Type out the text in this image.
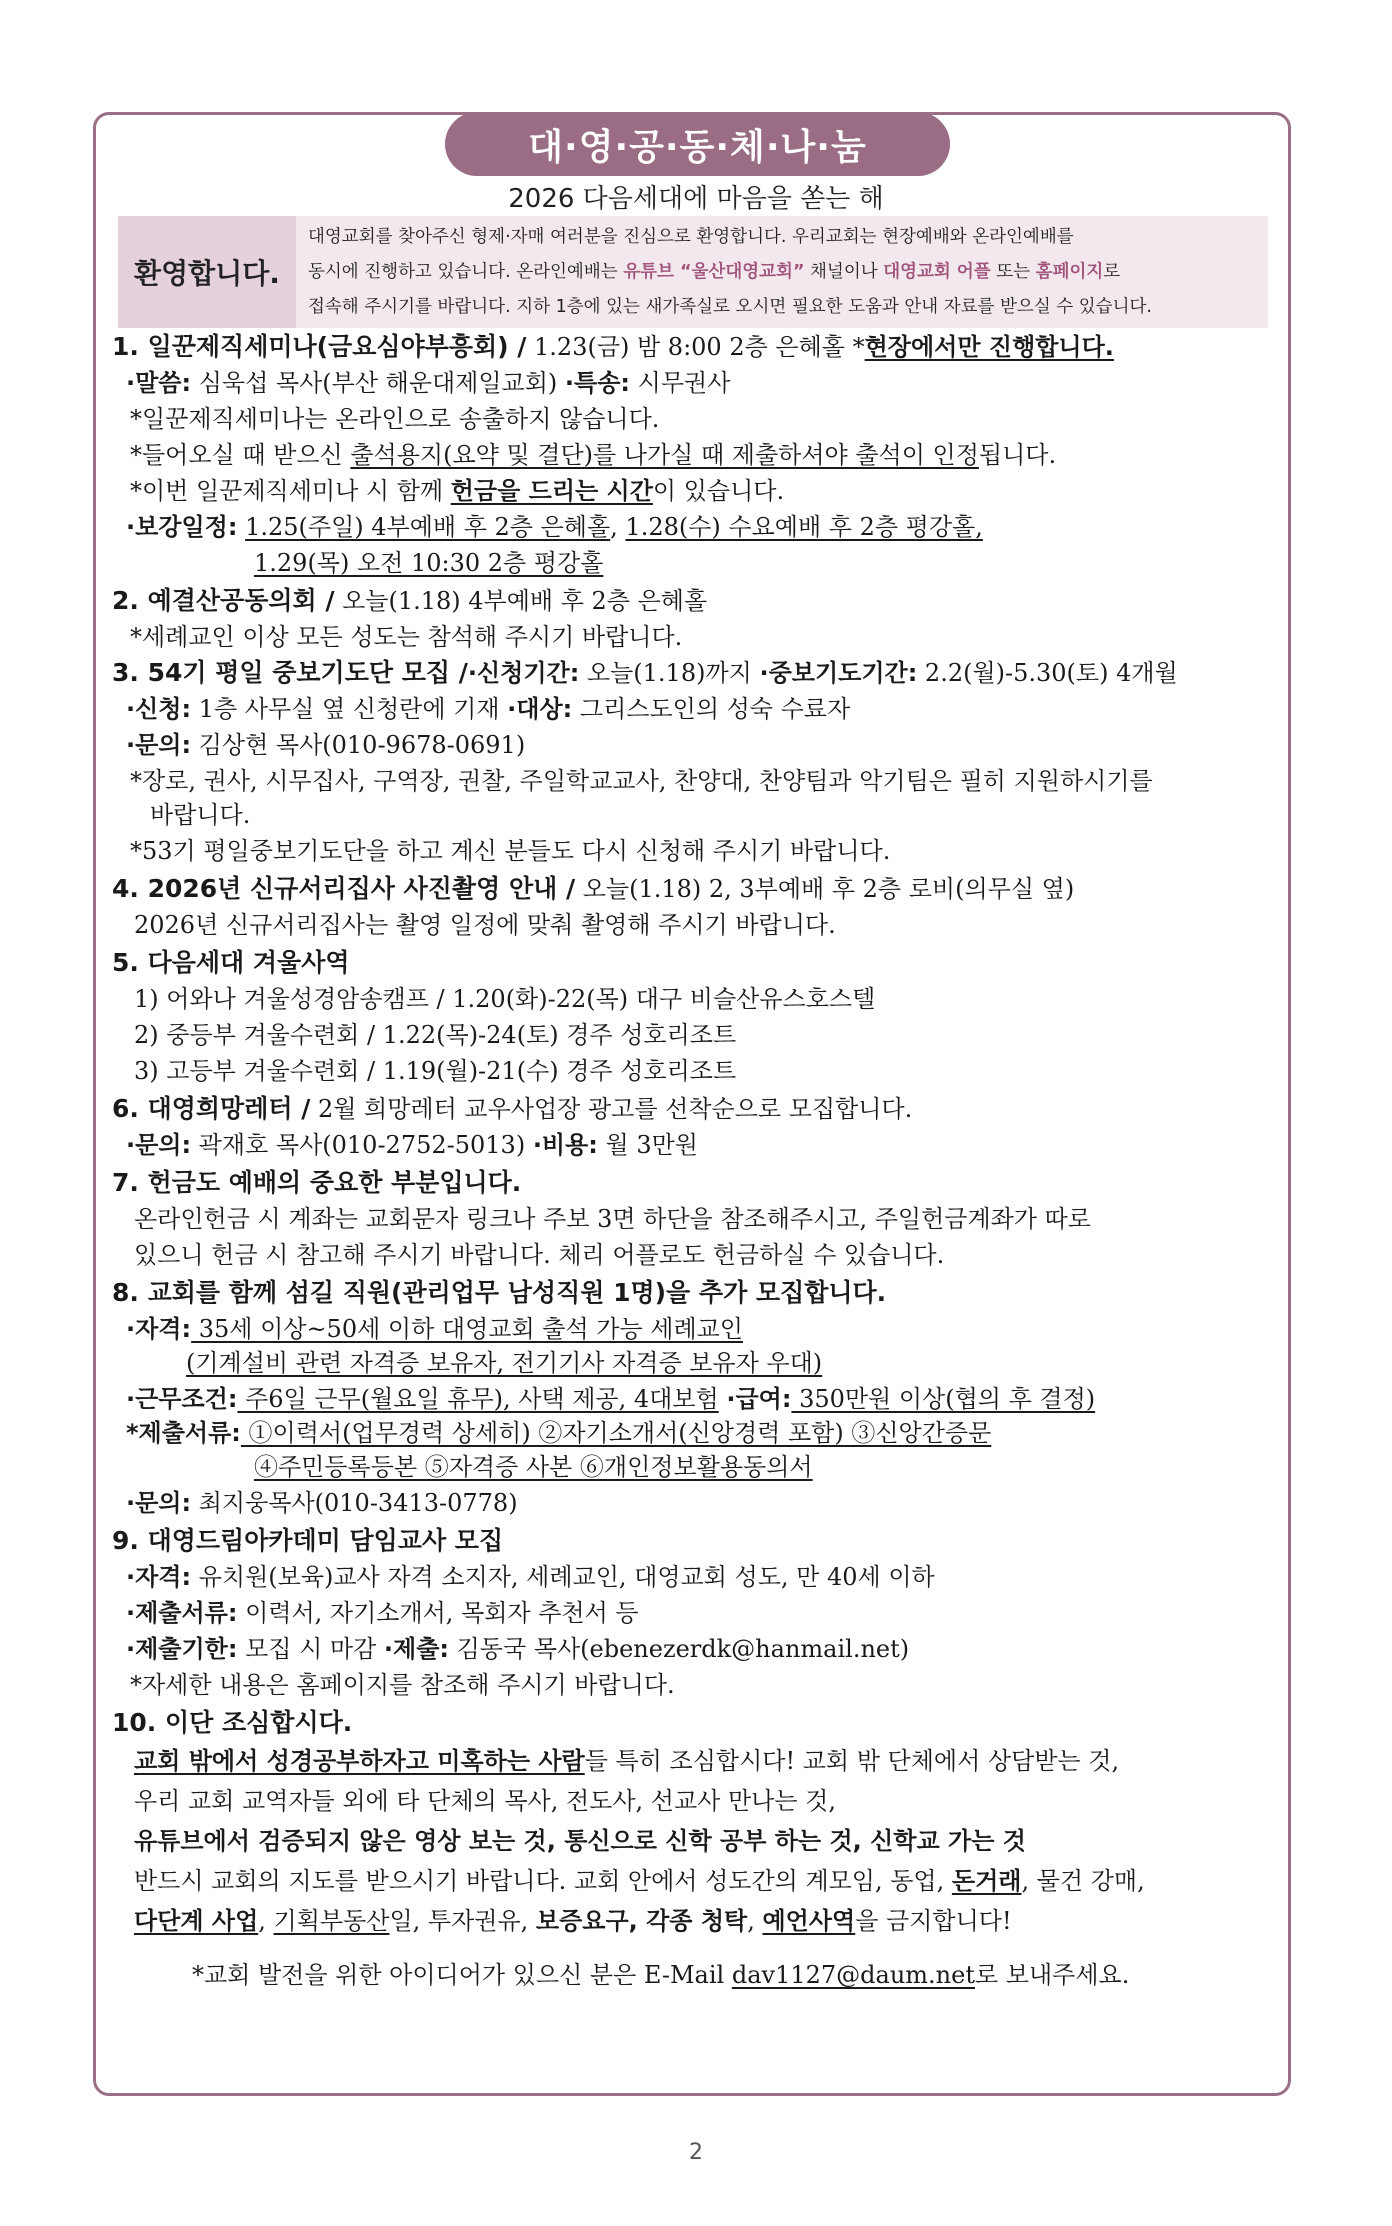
대·영·공·동·체·나·눔
2026 다음세대에 마음을 쏟는 해
환영합니다.
대영교회를 찾아주신 형제·자매 여러분을 진심으로 환영합니다. 우리교회는 현장예배와 온라인예배를
동시에 진행하고 있습니다. 온라인예배는 유튜브 “울산대영교회” 채널이나 대영교회 어플 또는 홈페이지로
접속해 주시기를 바랍니다. 지하 1층에 있는 새가족실로 오시면 필요한 도움과 안내 자료를 받으실 수 있습니다.
1. 일꾼제직세미나(금요심야부흥회) / 1.23(금) 밤 8:00 2층 은혜홀 *현장에서만 진행합니다.
·말씀: 심욱섭 목사(부산 해운대제일교회) ·특송: 시무권사
*일꾼제직세미나는 온라인으로 송출하지 않습니다.
*들어오실 때 받으신 출석용지(요약 및 결단)를 나가실 때 제출하셔야 출석이 인정됩니다.
*이번 일꾼제직세미나 시 함께 헌금을 드리는 시간이 있습니다.
·보강일정: 1.25(주일) 4부예배 후 2층 은혜홀, 1.28(수) 수요예배 후 2층 평강홀,
1.29(목) 오전 10:30 2층 평강홀
2. 예결산공동의회 / 오늘(1.18) 4부예배 후 2층 은혜홀
*세례교인 이상 모든 성도는 참석해 주시기 바랍니다.
3. 54기 평일 중보기도단 모집 /·신청기간: 오늘(1.18)까지 ·중보기도기간: 2.2(월)-5.30(토) 4개월
·신청: 1층 사무실 옆 신청란에 기재 ·대상: 그리스도인의 성숙 수료자
·문의: 김상현 목사(010-9678-0691)
*장로, 권사, 시무집사, 구역장, 권찰, 주일학교교사, 찬양대, 찬양팀과 악기팀은 필히 지원하시기를
바랍니다.
*53기 평일중보기도단을 하고 계신 분들도 다시 신청해 주시기 바랍니다.
4. 2026년 신규서리집사 사진촬영 안내 / 오늘(1.18) 2, 3부예배 후 2층 로비(의무실 옆)
2026년 신규서리집사는 촬영 일정에 맞춰 촬영해 주시기 바랍니다.
5. 다음세대 겨울사역
1) 어와나 겨울성경암송캠프 / 1.20(화)-22(목) 대구 비슬산유스호스텔
2) 중등부 겨울수련회 / 1.22(목)-24(토) 경주 성호리조트
3) 고등부 겨울수련회 / 1.19(월)-21(수) 경주 성호리조트
6. 대영희망레터 / 2월 희망레터 교우사업장 광고를 선착순으로 모집합니다.
·문의: 곽재호 목사(010-2752-5013) ·비용: 월 3만원
7. 헌금도 예배의 중요한 부분입니다.
온라인헌금 시 계좌는 교회문자 링크나 주보 3면 하단을 참조해주시고, 주일헌금계좌가 따로
있으니 헌금 시 참고해 주시기 바랍니다. 체리 어플로도 헌금하실 수 있습니다.
8. 교회를 함께 섬길 직원(관리업무 남성직원 1명)을 추가 모집합니다.
·자격: 35세 이상~50세 이하 대영교회 출석 가능 세례교인
(기계설비 관련 자격증 보유자, 전기기사 자격증 보유자 우대)
·근무조건: 주6일 근무(월요일 휴무), 사택 제공, 4대보험 ·급여: 350만원 이상(협의 후 결정)
*제출서류: ①이력서(업무경력 상세히) ②자기소개서(신앙경력 포함) ③신앙간증문
④주민등록등본 ⑤자격증 사본 ⑥개인정보활용동의서
·문의: 최지웅목사(010-3413-0778)
9. 대영드림아카데미 담임교사 모집
·자격: 유치원(보육)교사 자격 소지자, 세례교인, 대영교회 성도, 만 40세 이하
·제출서류: 이력서, 자기소개서, 목회자 추천서 등
·제출기한: 모집 시 마감 ·제출: 김동국 목사(ebenezerdk@hanmail.net)
*자세한 내용은 홈페이지를 참조해 주시기 바랍니다.
10. 이단 조심합시다.
교회 밖에서 성경공부하자고 미혹하는 사람들 특히 조심합시다! 교회 밖 단체에서 상담받는 것,
우리 교회 교역자들 외에 타 단체의 목사, 전도사, 선교사 만나는 것,
유튜브에서 검증되지 않은 영상 보는 것, 통신으로 신학 공부 하는 것, 신학교 가는 것
반드시 교회의 지도를 받으시기 바랍니다. 교회 안에서 성도간의 계모임, 동업, 돈거래, 물건 강매,
다단계 사업, 기획부동산일, 투자권유, 보증요구, 각종 청탁, 예언사역을 금지합니다!
*교회 발전을 위한 아이디어가 있으신 분은 E-Mail dav1127@daum.net로 보내주세요.
2
